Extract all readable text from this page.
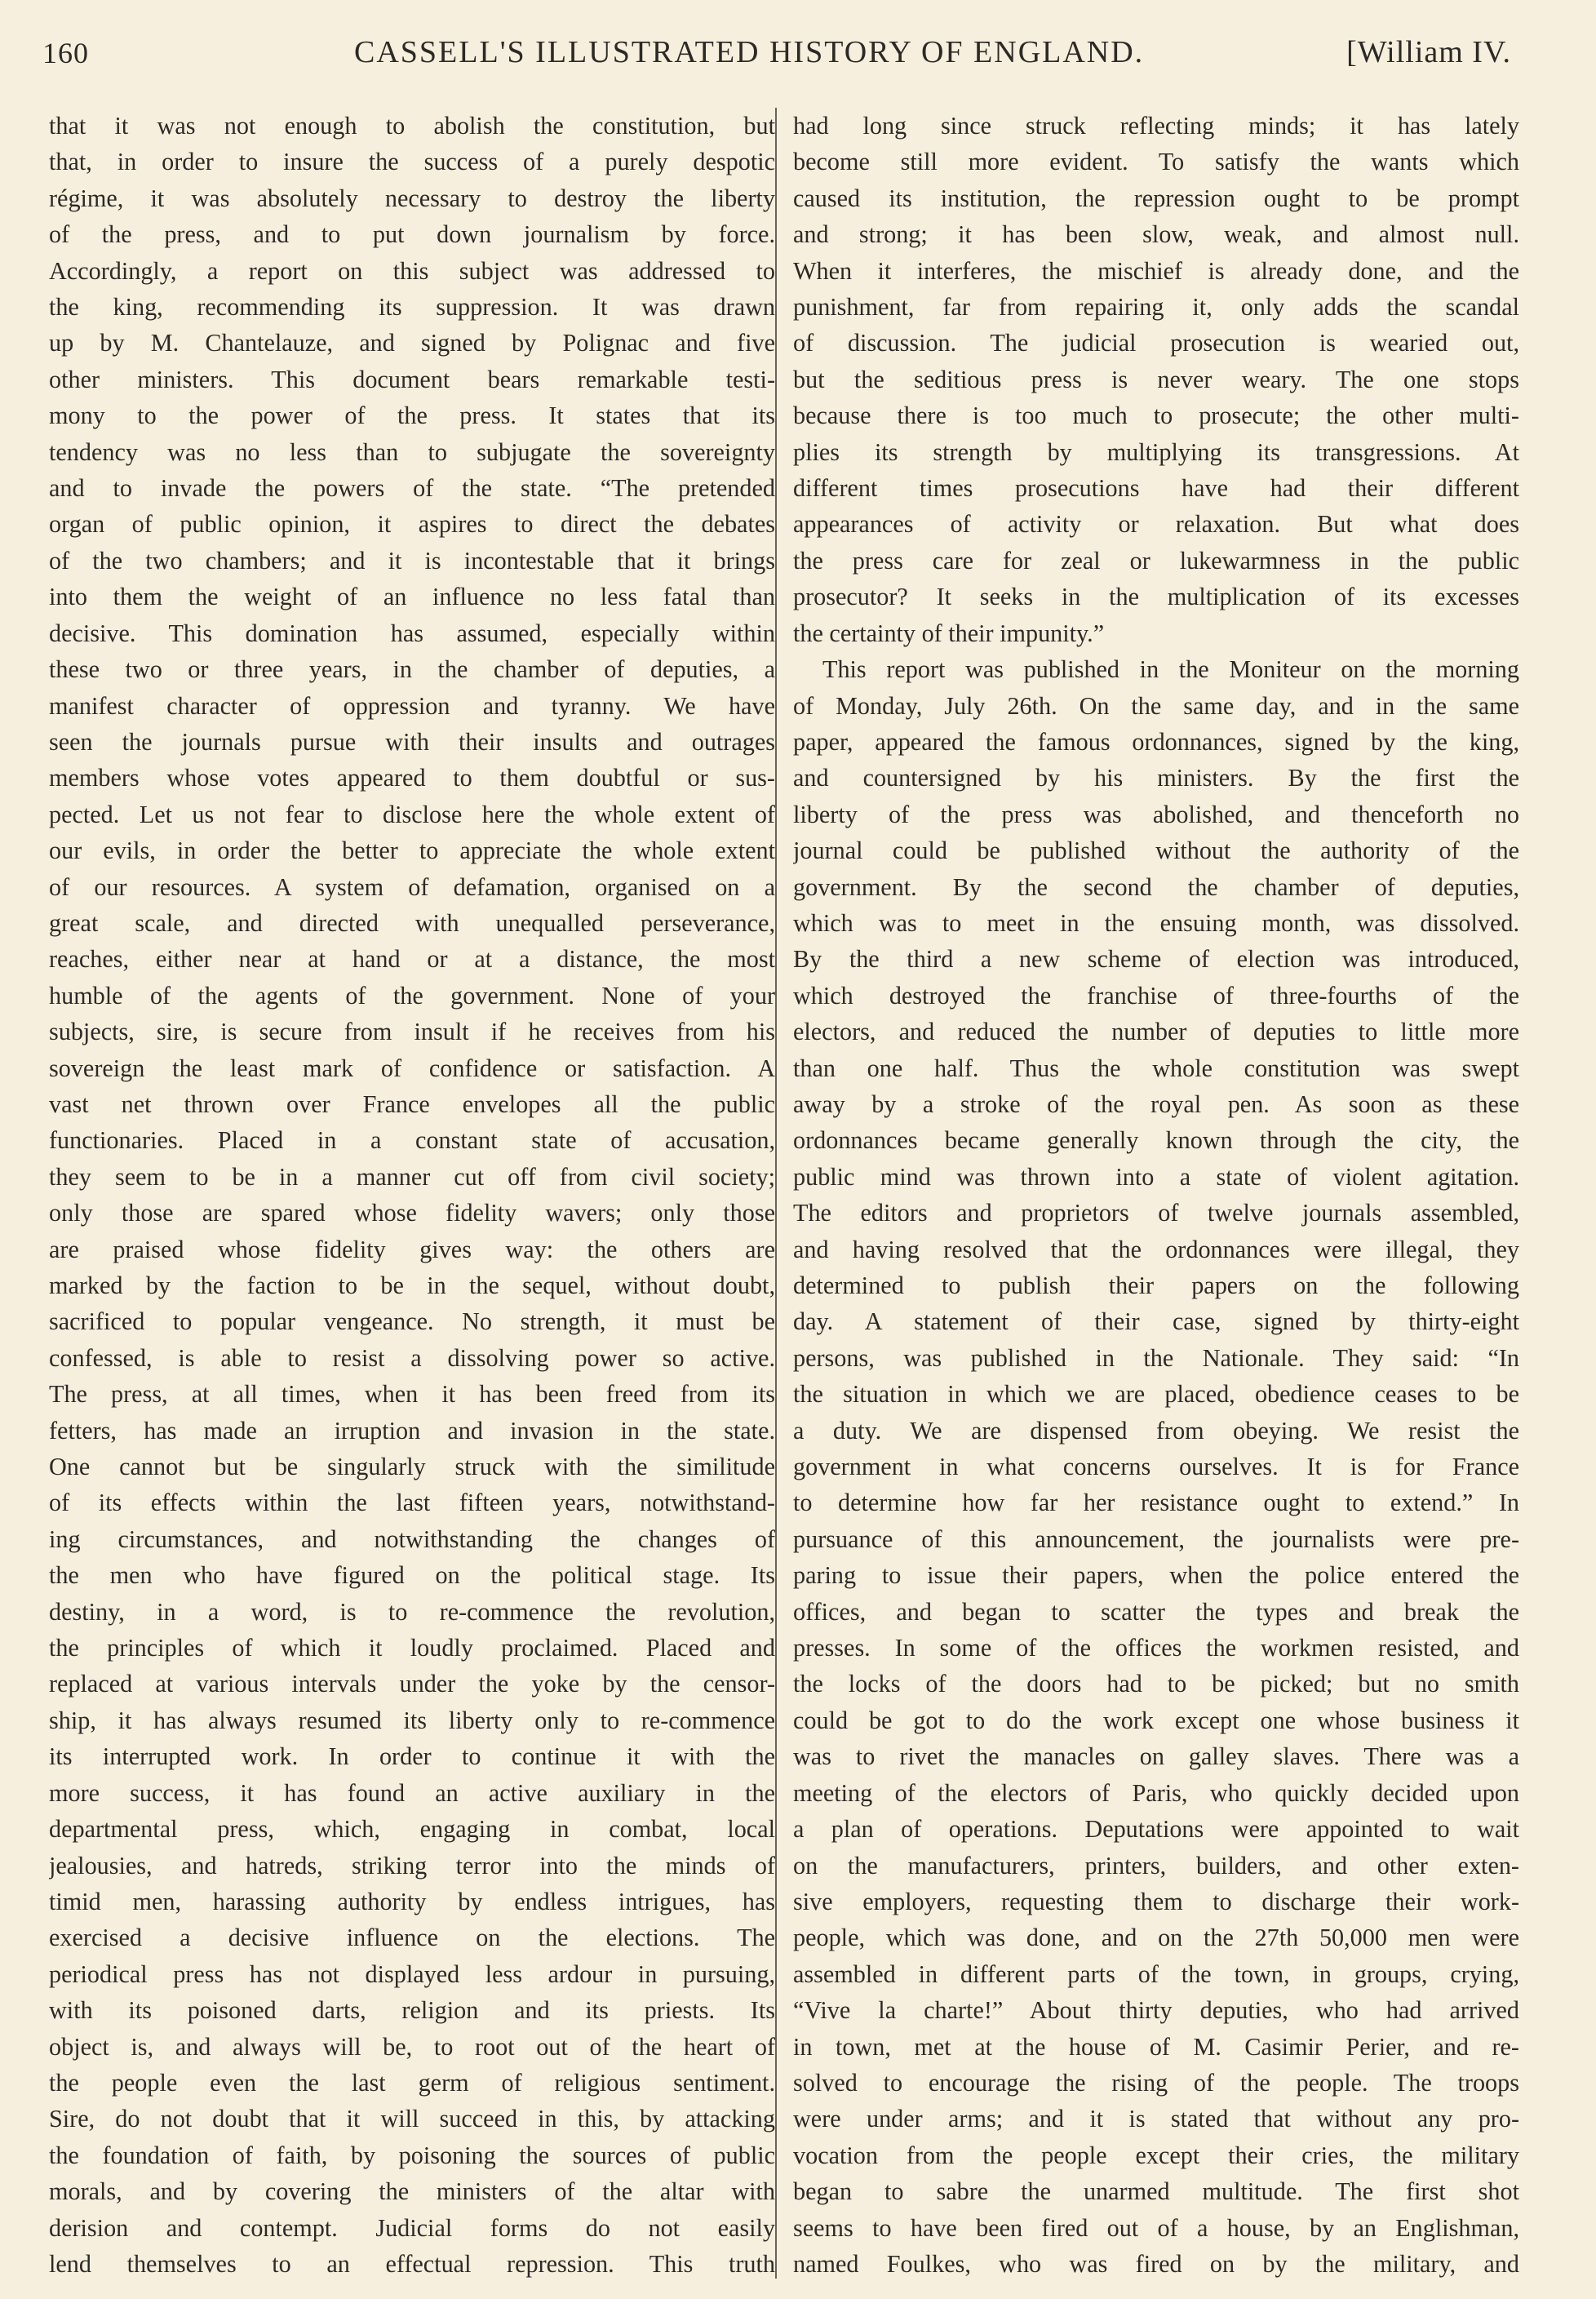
160	CASSELL'S ILLUSTRATED HISTORY OF ENGLAND.	[William IV.

that it was not enough to abolish the constitution, but

that, in order to insure the success of a purely despotic

régime, it was absolutely necessary to destroy the liberty

of the press, and to put down journalism by force.

Accordingly, a report on this subject was addressed to

the king, recommending its suppression. It was drawn

up by M. Chantelauze, and signed by Polignac and five

other ministers. This document bears remarkable testi-

mony to the power of the press. It states that its

tendency was no less than to subjugate the sovereignty

and to invade the powers of the state. “The pretended

organ of public opinion, it aspires to direct the debates

of the two chambers; and it is incontestable that it brings

into them the weight of an influence no less fatal than

decisive. This domination has assumed, especially within

these two or three years, in the chamber of deputies, a

manifest character of oppression and tyranny. We have

seen the journals pursue with their insults and outrages

members whose votes appeared to them doubtful or sus-

pected. Let us not fear to disclose here the whole extent of

our evils, in order the better to appreciate the whole extent

of our resources. A system of defamation, organised on a

great scale, and directed with unequalled perseverance,

reaches, either near at hand or at a distance, the most

humble of the agents of the government. None of your

subjects, sire, is secure from insult if he receives from his

sovereign the least mark of confidence or satisfaction. A

vast net thrown over France envelopes all the public

functionaries. Placed in a constant state of accusation,

they seem to be in a manner cut off from civil society;

only those are spared whose fidelity wavers; only those

are praised whose fidelity gives way: the others are

marked by the faction to be in the sequel, without doubt,

sacrificed to popular vengeance. No strength, it must be

confessed, is able to resist a dissolving power so active.

The press, at all times, when it has been freed from its

fetters, has made an irruption and invasion in the state.

One cannot but be singularly struck with the similitude

of its effects within the last fifteen years, notwithstand-

ing circumstances, and notwithstanding the changes of

the men who have figured on the political stage. Its

destiny, in a word, is to re-commence the revolution,

the principles of which it loudly proclaimed. Placed and

replaced at various intervals under the yoke by the censor-

ship, it has always resumed its liberty only to re-commence

its interrupted work. In order to continue it with the

more success, it has found an active auxiliary in the

departmental press, which, engaging in combat, local

jealousies, and hatreds, striking terror into the minds of

timid men, harassing authority by endless intrigues, has

exercised a decisive influence on the elections. The

periodical press has not displayed less ardour in pursuing,

with its poisoned darts, religion and its priests. Its

object is, and always will be, to root out of the heart of

the people even the last germ of religious sentiment.

Sire, do not doubt that it will succeed in this, by attacking

the foundation of faith, by poisoning the sources of public

morals, and by covering the ministers of the altar with

derision and contempt. Judicial forms do not easily

lend themselves to an effectual repression. This truth

had long since struck reflecting minds; it has lately

become still more evident. To satisfy the wants which

caused its institution, the repression ought to be prompt

and strong; it has been slow, weak, and almost null.

When it interferes, the mischief is already done, and the

punishment, far from repairing it, only adds the scandal

of discussion. The judicial prosecution is wearied out,

but the seditious press is never weary. The one stops

because there is too much to prosecute; the other multi-

plies its strength by multiplying its transgressions. At

different times prosecutions have had their different

appearances of activity or relaxation. But what does

the press care for zeal or lukewarmness in the public

prosecutor? It seeks in the multiplication of its excesses

the certainty of their impunity.”

This report was published in the Moniteur on the morning

of Monday, July 26th. On the same day, and in the same

paper, appeared the famous ordonnances, signed by the king,

and countersigned by his ministers. By the first the

liberty of the press was abolished, and thenceforth no

journal could be published without the authority of the

government. By the second the chamber of deputies,

which was to meet in the ensuing month, was dissolved.

By the third a new scheme of election was introduced,

which destroyed the franchise of three-fourths of the

electors, and reduced the number of deputies to little more

than one half. Thus the whole constitution was swept

away by a stroke of the royal pen. As soon as these

ordonnances became generally known through the city, the

public mind was thrown into a state of violent agitation.

The editors and proprietors of twelve journals assembled,

and having resolved that the ordonnances were illegal, they

determined to publish their papers on the following

day. A statement of their case, signed by thirty-eight

persons, was published in the Nationale. They said: “In

the situation in which we are placed, obedience ceases to be

a duty. We are dispensed from obeying. We resist the

government in what concerns ourselves. It is for France

to determine how far her resistance ought to extend.” In

pursuance of this announcement, the journalists were pre-

paring to issue their papers, when the police entered the

offices, and began to scatter the types and break the

presses. In some of the offices the workmen resisted, and

the locks of the doors had to be picked; but no smith

could be got to do the work except one whose business it

was to rivet the manacles on galley slaves. There was a

meeting of the electors of Paris, who quickly decided upon

a plan of operations. Deputations were appointed to wait

on the manufacturers, printers, builders, and other exten-

sive employers, requesting them to discharge their work-

people, which was done, and on the 27th 50,000 men were

assembled in different parts of the town, in groups, crying,

“Vive la charte!” About thirty deputies, who had arrived

in town, met at the house of M. Casimir Perier, and re-

solved to encourage the rising of the people. The troops

were under arms; and it is stated that without any pro-

vocation from the people except their cries, the military

began to sabre the unarmed multitude. The first shot

seems to have been fired out of a house, by an Englishman,

named Foulkes, who was fired on by the military, and
